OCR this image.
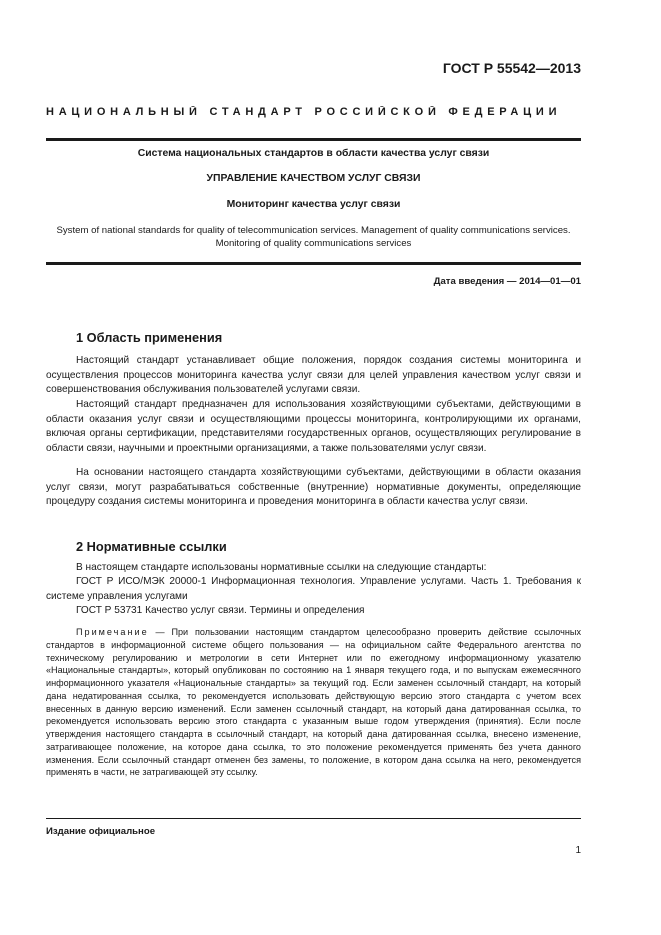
ГОСТ Р 55542—2013
НАЦИОНАЛЬНЫЙ СТАНДАРТ РОССИЙСКОЙ ФЕДЕРАЦИИ
Система национальных стандартов в области качества услуг связи
УПРАВЛЕНИЕ КАЧЕСТВОМ УСЛУГ СВЯЗИ
Мониторинг качества услуг связи
System of national standards for quality of telecommunication services. Management of quality communications services.
Monitoring of quality communications services
Дата введения — 2014—01—01
1 Область применения
Настоящий стандарт устанавливает общие положения, порядок создания системы мониторинга и осуществления процессов мониторинга качества услуг связи для целей управления качеством услуг связи и совершенствования обслуживания пользователей услугами связи.
Настоящий стандарт предназначен для использования хозяйствующими субъектами, действующими в области оказания услуг связи и осуществляющими процессы мониторинга, контролирующими их органами, включая органы сертификации, представителями государственных органов, осуществляющих регулирование в области связи, научными и проектными организациями, а также пользователями услуг связи.
На основании настоящего стандарта хозяйствующими субъектами, действующими в области оказания услуг связи, могут разрабатываться собственные (внутренние) нормативные документы, определяющие процедуру создания системы мониторинга и проведения мониторинга в области качества услуг связи.
2 Нормативные ссылки
В настоящем стандарте использованы нормативные ссылки на следующие стандарты:
ГОСТ Р ИСО/МЭК 20000-1 Информационная технология. Управление услугами. Часть 1. Требования к системе управления услугами
ГОСТ Р 53731 Качество услуг связи. Термины и определения
Примечание — При пользовании настоящим стандартом целесообразно проверить действие ссылочных стандартов в информационной системе общего пользования — на официальном сайте Федерального агентства по техническому регулированию и метрологии в сети Интернет или по ежегодному информационному указателю «Национальные стандарты», который опубликован по состоянию на 1 января текущего года, и по выпускам ежемесячного информационного указателя «Национальные стандарты» за текущий год. Если заменен ссылочный стандарт, на который дана недатированная ссылка, то рекомендуется использовать действующую версию этого стандарта с учетом всех внесенных в данную версию изменений. Если заменен ссылочный стандарт, на который дана датированная ссылка, то рекомендуется использовать версию этого стандарта с указанным выше годом утверждения (принятия). Если после утверждения настоящего стандарта в ссылочный стандарт, на который дана датированная ссылка, внесено изменение, затрагивающее положение, на которое дана ссылка, то это положение рекомендуется применять без учета данного изменения. Если ссылочный стандарт отменен без замены, то положение, в котором дана ссылка на него, рекомендуется применять в части, не затрагивающей эту ссылку.
Издание официальное
1
